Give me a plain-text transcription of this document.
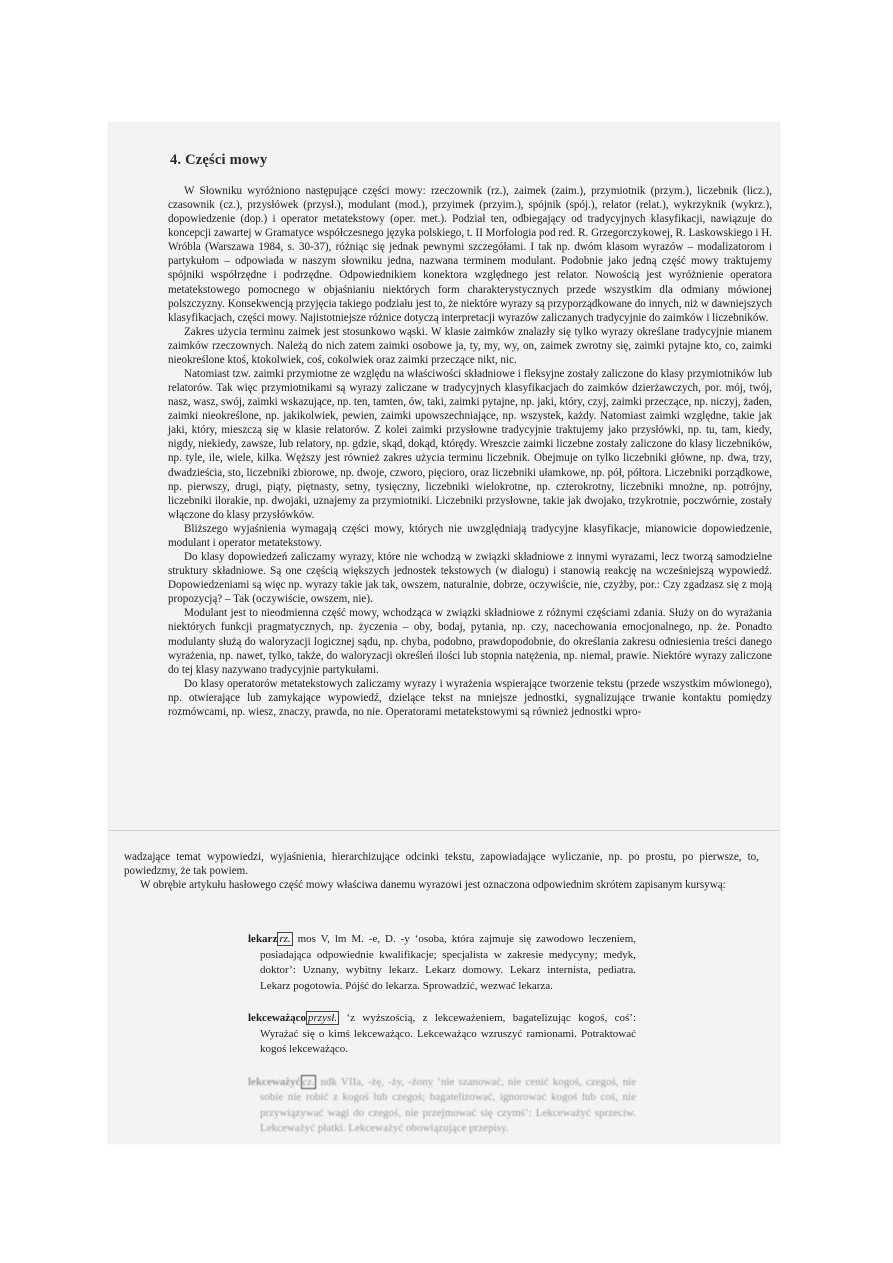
4. Części mowy

W Słowniku wyróżniono następujące części mowy: rzeczownik (rz.), zaimek (zaim.), przymiotnik (przym.), liczebnik (licz.), czasownik (cz.), przysłówek (przysł.), modulant (mod.), przyimek (przyim.), spójnik (spój.), relator (relat.), wykrzyknik (wykrz.), dopowiedzenie (dop.) i operator metatekstowy (oper. met.). Podział ten, odbiegający od tradycyjnych klasyfikacji, nawiązuje do koncepcji zawartej w Gramatyce współczesnego języka polskiego, t. II Morfologia pod red. R. Grzegorczykowej, R. Laskowskiego i H. Wróbla (Warszawa 1984, s. 30-37), różniąc się jednak pewnymi szczegółami. I tak np. dwóm klasom wyrazów – modalizatorom i partykułom – odpowiada w naszym słowniku jedna, nazwana terminem modulant. Podobnie jako jedną część mowy traktujemy spójniki współrzędne i podrzędne. Odpowiednikiem konektora względnego jest relator. Nowością jest wyróżnienie operatora metatekstowego pomocnego w objaśnianiu niektórych form charakterystycznych przede wszystkim dla odmiany mówionej polszczyzny. Konsekwencją przyjęcia takiego podziału jest to, że niektóre wyrazy są przyporządkowane do innych, niż w dawniejszych klasyfikacjach, części mowy. Najistotniejsze różnice dotyczą interpretacji wyrazów zaliczanych tradycyjnie do zaimków i liczebników.

Zakres użycia terminu zaimek jest stosunkowo wąski. W klasie zaimków znalazły się tylko wyrazy określane tradycyjnie mianem zaimków rzeczownych. Należą do nich zatem zaimki osobowe ja, ty, my, wy, on, zaimek zwrotny się, zaimki pytajne kto, co, zaimki nieokreślone ktoś, ktokolwiek, coś, cokolwiek oraz zaimki przeczące nikt, nic.

Natomiast tzw. zaimki przymiotne ze względu na właściwości składniowe i fleksyjne zostały zaliczone do klasy przymiotników lub relatorów. Tak więc przymiotnikami są wyrazy zaliczane w tradycyjnych klasyfikacjach do zaimków dzierżawczych, por. mój, twój, nasz, wasz, swój, zaimki wskazujące, np. ten, tamten, ów, taki, zaimki pytajne, np. jaki, który, czyj, zaimki przeczące, np. niczyj, żaden, zaimki nieokreślone, np. jakikolwiek, pewien, zaimki upowszechniające, np. wszystek, każdy. Natomiast zaimki względne, takie jak jaki, który, mieszczą się w klasie relatorów. Z kolei zaimki przysłowne tradycyjnie traktujemy jako przysłówki, np. tu, tam, kiedy, nigdy, niekiedy, zawsze, lub relatory, np. gdzie, skąd, dokąd, którędy. Wreszcie zaimki liczebne zostały zaliczone do klasy liczebników, np. tyle, ile, wiele, kilka. Węższy jest również zakres użycia terminu liczebnik. Obejmuje on tylko liczebniki główne, np. dwa, trzy, dwadzieścia, sto, liczebniki zbiorowe, np. dwoje, czworo, pięcioro, oraz liczebniki ułamkowe, np. pół, półtora. Liczebniki porządkowe, np. pierwszy, drugi, piąty, piętnasty, setny, tysięczny, liczebniki wielokrotne, np. czterokrotny, liczebniki mnożne, np. potrójny, liczebniki ilorakie, np. dwojaki, uznajemy za przymiotniki. Liczebniki przysłowne, takie jak dwojako, trzykrotnie, poczwórnie, zostały włączone do klasy przysłówków.

Bliższego wyjaśnienia wymagają części mowy, których nie uwzględniają tradycyjne klasyfikacje, mianowicie dopowiedzenie, modulant i operator metatekstowy.

Do klasy dopowiedzeń zaliczamy wyrazy, które nie wchodzą w związki składniowe z innymi wyrazami, lecz tworzą samodzielne struktury składniowe. Są one częścią większych jednostek tekstowych (w dialogu) i stanowią reakcję na wcześniejszą wypowiedź. Dopowiedzeniami są więc np. wyrazy takie jak tak, owszem, naturalnie, dobrze, oczywiście, nie, czyżby, por.: Czy zgadzasz się z moją propozycją? – Tak (oczywiście, owszem, nie).

Modulant jest to nieodmienna część mowy, wchodząca w związki składniowe z różnymi częściami zdania. Służy on do wyrażania niektórych funkcji pragmatycznych, np. życzenia – oby, bodaj, pytania, np. czy, nacechowania emocjonalnego, np. że. Ponadto modulanty służą do waloryzacji logicznej sądu, np. chyba, podobno, prawdopodobnie, do określania zakresu odniesienia treści danego wyrażenia, np. nawet, tylko, także, do waloryzacji określeń ilości lub stopnia natężenia, np. niemal, prawie. Niektóre wyrazy zaliczone do tej klasy nazywano tradycyjnie partykułami.

Do klasy operatorów metatekstowych zaliczamy wyrazy i wyrażenia wspierające tworzenie tekstu (przede wszystkim mówionego), np. otwierające lub zamykające wypowiedź, dzielące tekst na mniejsze jednostki, sygnalizujące trwanie kontaktu pomiędzy rozmówcami, np. wiesz, znaczy, prawda, no nie. Operatorami metatekstowymi są również jednostki wpro-

wadzające temat wypowiedzi, wyjaśnienia, hierarchizujące odcinki tekstu, zapowiadające wyliczanie, np. po prostu, po pierwsze, to, powiedzmy, że tak powiem.

W obrębie artykułu hasłowego część mowy właściwa danemu wyrazowi jest oznaczona odpowiednim skrótem zapisanym kursywą:

lekarz rz. mos V, lm M. -e, D. -y ‘osoba, która zajmuje się zawodowo leczeniem, posiadająca odpowiednie kwalifikacje; specjalista w zakresie medycyny; medyk, doktor’: Uznany, wybitny lekarz. Lekarz domowy. Lekarz internista, pediatra. Lekarz pogotowia. Pójść do lekarza. Sprowadzić, wezwać lekarza.
lekceważąco przysł. ‘z wyższością, z lekceważeniem, bagatelizując kogoś, coś’: Wyrażać się o kimś lekceważąco. Lekceważąco wzruszyć ramionami. Potraktować kogoś lekceważąco.
lekceważyć cz. ndk VIIa, -żę, -ży, -żony ‘nie szanować, nie cenić kogoś, czegoś, nie sobie nie robić z kogoś lub czegoś; bagatelizować, ignorować kogoś lub coś, nie przywiązywać wagi do czegoś, nie przejmować się czymś’: Lekceważyć sprzeciw. Lekceważyć płatki. Lekceważyć obowiązujące przepisy.
